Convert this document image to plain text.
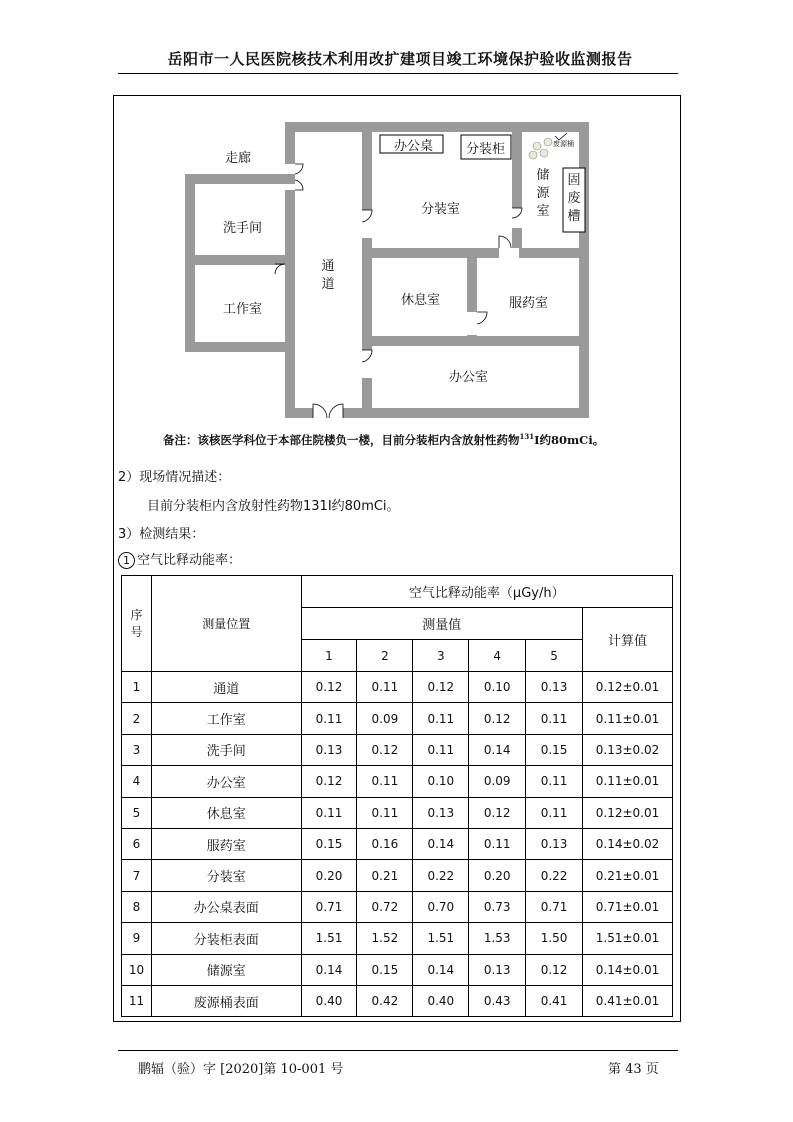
岳阳市一人民医院核技术利用改扩建项目竣工环境保护验收监测报告
走廊
洗手间
工作室
通道
办公桌	分装柜
分装室
储源室
废源桶
固废槽
休息室	服药室
办公室
备注：该核医学科位于本部住院楼负一楼，目前分装柜内含放射性药物$^{131}$I约80mCi。
2）现场情况描述：
目前分装柜内含放射性药物131I约80mCi。
3）检测结果：
1 空气比释动能率：
序号	测量位置	空气比释动能率（μGy/h）					
		测量值					计算值
		1	2	3	4	5	
1	通道	0.12	0.11	0.12	0.10	0.13	0.12±0.01
2	工作室	0.11	0.09	0.11	0.12	0.11	0.11±0.01
3	洗手间	0.13	0.12	0.11	0.14	0.15	0.13±0.02
4	办公室	0.12	0.11	0.10	0.09	0.11	0.11±0.01
5	休息室	0.11	0.11	0.13	0.12	0.11	0.12±0.01
6	服药室	0.15	0.16	0.14	0.11	0.13	0.14±0.02
7	分装室	0.20	0.21	0.22	0.20	0.22	0.21±0.01
8	办公桌表面	0.71	0.72	0.70	0.73	0.71	0.71±0.01
9	分装柜表面	1.51	1.52	1.51	1.53	1.50	1.51±0.01
10	储源室	0.14	0.15	0.14	0.13	0.12	0.14±0.01
11	废源桶表面	0.40	0.42	0.40	0.43	0.41	0.41±0.01
鹏辐（验）字 [2020]第 10-001 号	第 43 页
